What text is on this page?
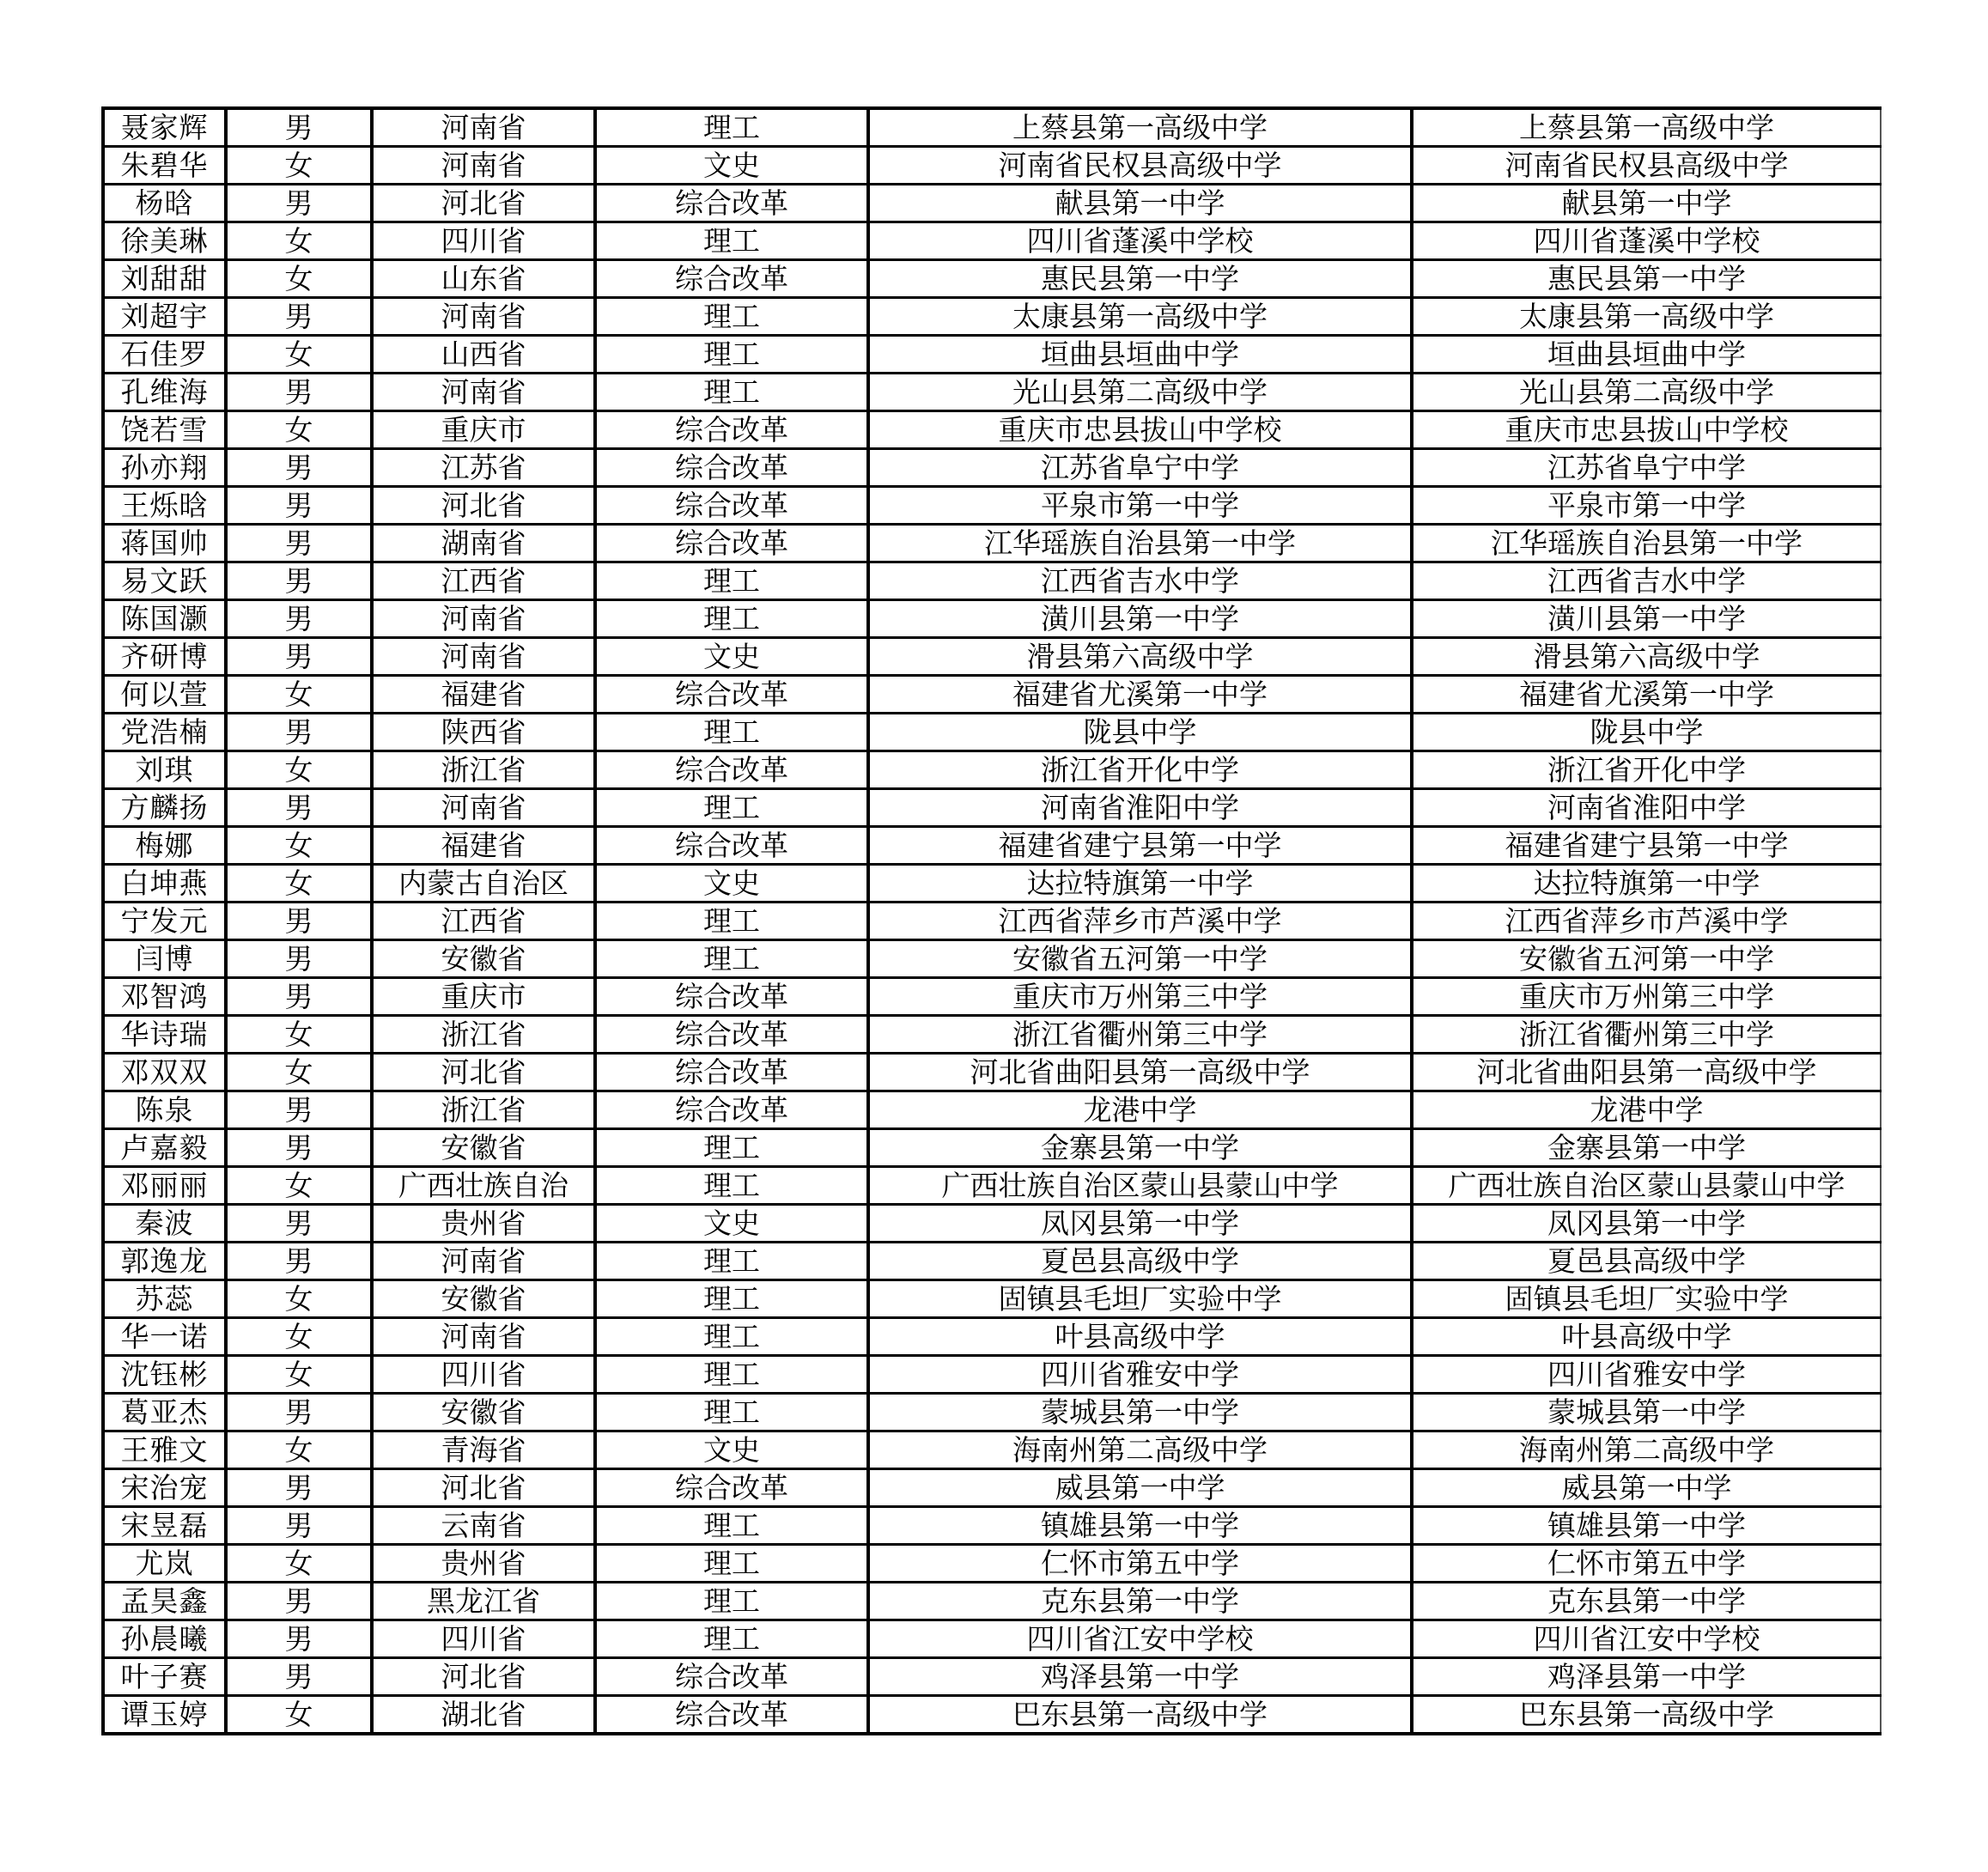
聂家辉	男	河南省	理工	上蔡县第一高级中学	上蔡县第一高级中学
朱碧华	女	河南省	文史	河南省民权县高级中学	河南省民权县高级中学
杨晗	男	河北省	综合改革	献县第一中学	献县第一中学
徐美琳	女	四川省	理工	四川省蓬溪中学校	四川省蓬溪中学校
刘甜甜	女	山东省	综合改革	惠民县第一中学	惠民县第一中学
刘超宇	男	河南省	理工	太康县第一高级中学	太康县第一高级中学
石佳罗	女	山西省	理工	垣曲县垣曲中学	垣曲县垣曲中学
孔维海	男	河南省	理工	光山县第二高级中学	光山县第二高级中学
饶若雪	女	重庆市	综合改革	重庆市忠县拔山中学校	重庆市忠县拔山中学校
孙亦翔	男	江苏省	综合改革	江苏省阜宁中学	江苏省阜宁中学
王烁晗	男	河北省	综合改革	平泉市第一中学	平泉市第一中学
蒋国帅	男	湖南省	综合改革	江华瑶族自治县第一中学	江华瑶族自治县第一中学
易文跃	男	江西省	理工	江西省吉水中学	江西省吉水中学
陈国灏	男	河南省	理工	潢川县第一中学	潢川县第一中学
齐研博	男	河南省	文史	滑县第六高级中学	滑县第六高级中学
何以萱	女	福建省	综合改革	福建省尤溪第一中学	福建省尤溪第一中学
党浩楠	男	陕西省	理工	陇县中学	陇县中学
刘琪	女	浙江省	综合改革	浙江省开化中学	浙江省开化中学
方麟扬	男	河南省	理工	河南省淮阳中学	河南省淮阳中学
梅娜	女	福建省	综合改革	福建省建宁县第一中学	福建省建宁县第一中学
白坤燕	女	内蒙古自治区	文史	达拉特旗第一中学	达拉特旗第一中学
宁发元	男	江西省	理工	江西省萍乡市芦溪中学	江西省萍乡市芦溪中学
闫博	男	安徽省	理工	安徽省五河第一中学	安徽省五河第一中学
邓智鸿	男	重庆市	综合改革	重庆市万州第三中学	重庆市万州第三中学
华诗瑞	女	浙江省	综合改革	浙江省衢州第三中学	浙江省衢州第三中学
邓双双	女	河北省	综合改革	河北省曲阳县第一高级中学	河北省曲阳县第一高级中学
陈泉	男	浙江省	综合改革	龙港中学	龙港中学
卢嘉毅	男	安徽省	理工	金寨县第一中学	金寨县第一中学
邓丽丽	女	广西壮族自治	理工	广西壮族自治区蒙山县蒙山中学	广西壮族自治区蒙山县蒙山中学
秦波	男	贵州省	文史	凤冈县第一中学	凤冈县第一中学
郭逸龙	男	河南省	理工	夏邑县高级中学	夏邑县高级中学
苏蕊	女	安徽省	理工	固镇县毛坦厂实验中学	固镇县毛坦厂实验中学
华一诺	女	河南省	理工	叶县高级中学	叶县高级中学
沈钰彬	女	四川省	理工	四川省雅安中学	四川省雅安中学
葛亚杰	男	安徽省	理工	蒙城县第一中学	蒙城县第一中学
王雅文	女	青海省	文史	海南州第二高级中学	海南州第二高级中学
宋治宠	男	河北省	综合改革	威县第一中学	威县第一中学
宋昱磊	男	云南省	理工	镇雄县第一中学	镇雄县第一中学
尤岚	女	贵州省	理工	仁怀市第五中学	仁怀市第五中学
孟昊鑫	男	黑龙江省	理工	克东县第一中学	克东县第一中学
孙晨曦	男	四川省	理工	四川省江安中学校	四川省江安中学校
叶子赛	男	河北省	综合改革	鸡泽县第一中学	鸡泽县第一中学
谭玉婷	女	湖北省	综合改革	巴东县第一高级中学	巴东县第一高级中学
